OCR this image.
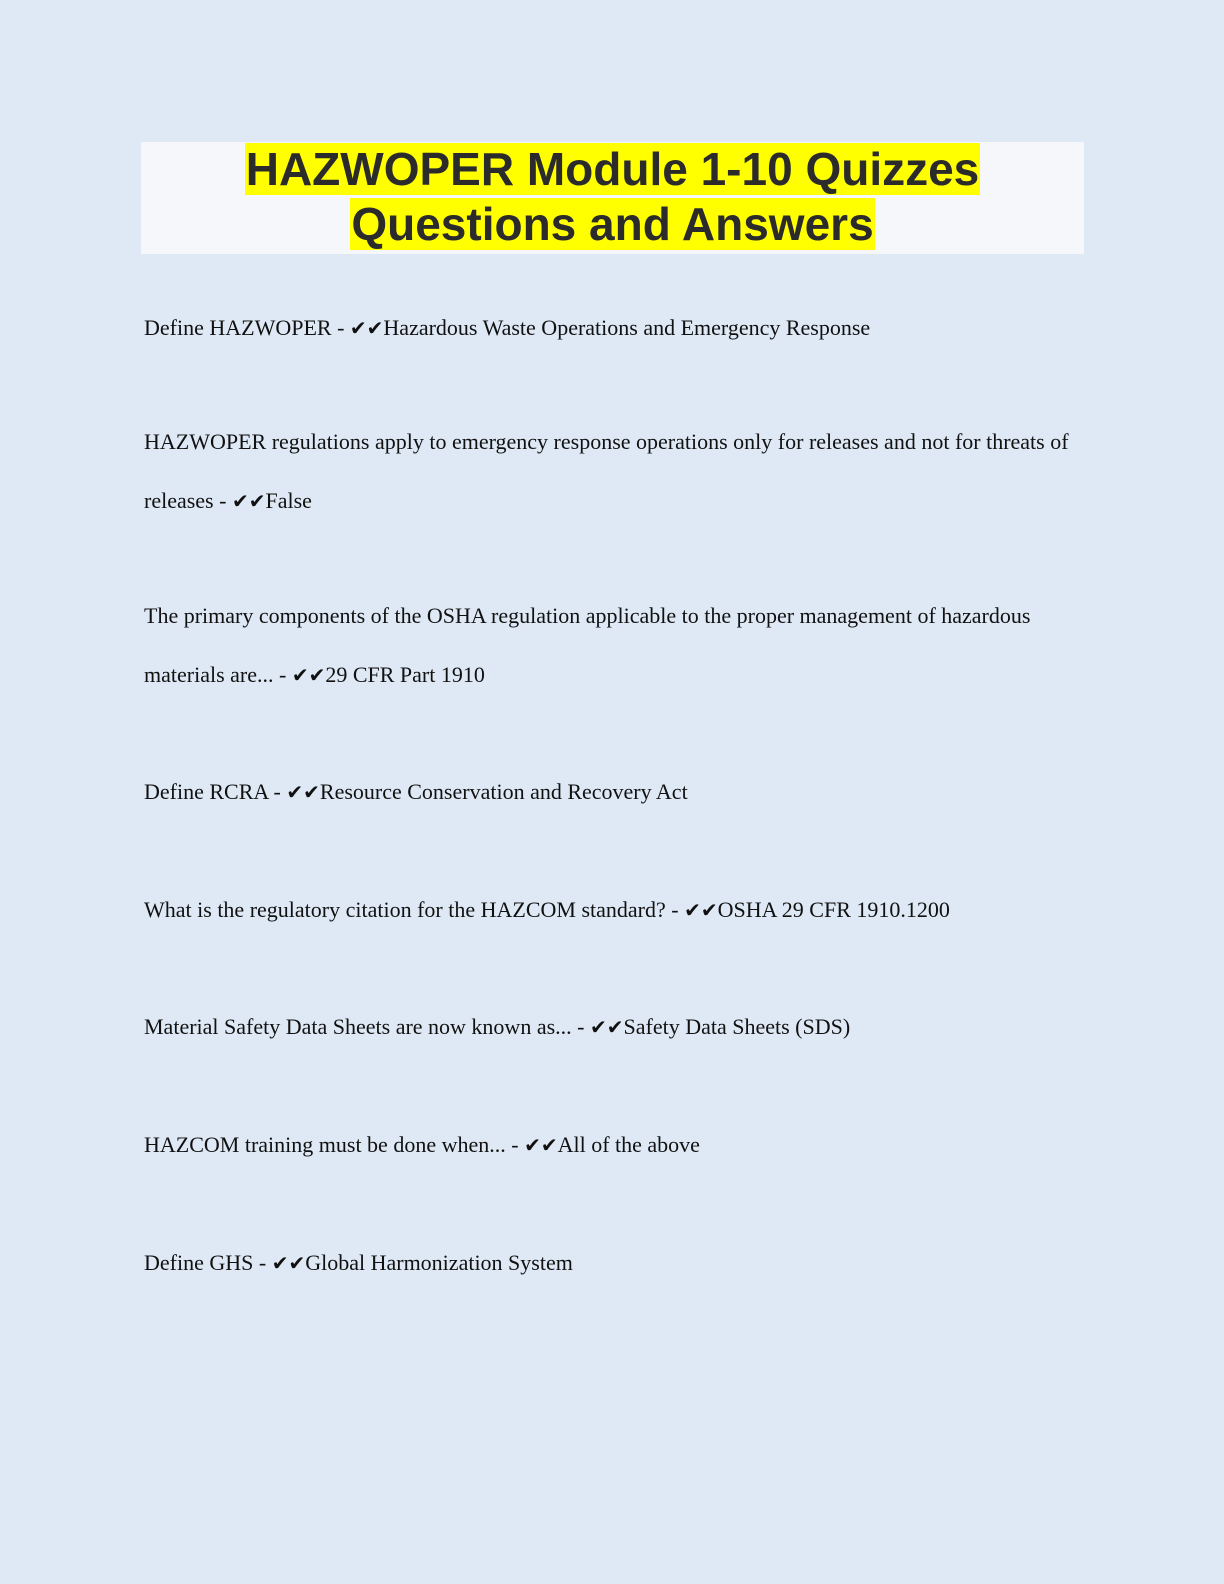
HAZWOPER Module 1-10 Quizzes
Questions and Answers

Define HAZWOPER - ✔✔Hazardous Waste Operations and Emergency Response

HAZWOPER regulations apply to emergency response operations only for releases and not for threats of releases - ✔✔False

The primary components of the OSHA regulation applicable to the proper management of hazardous materials are... - ✔✔29 CFR Part 1910

Define RCRA - ✔✔Resource Conservation and Recovery Act

What is the regulatory citation for the HAZCOM standard? - ✔✔OSHA 29 CFR 1910.1200

Material Safety Data Sheets are now known as... - ✔✔Safety Data Sheets (SDS)

HAZCOM training must be done when... - ✔✔All of the above

Define GHS - ✔✔Global Harmonization System
